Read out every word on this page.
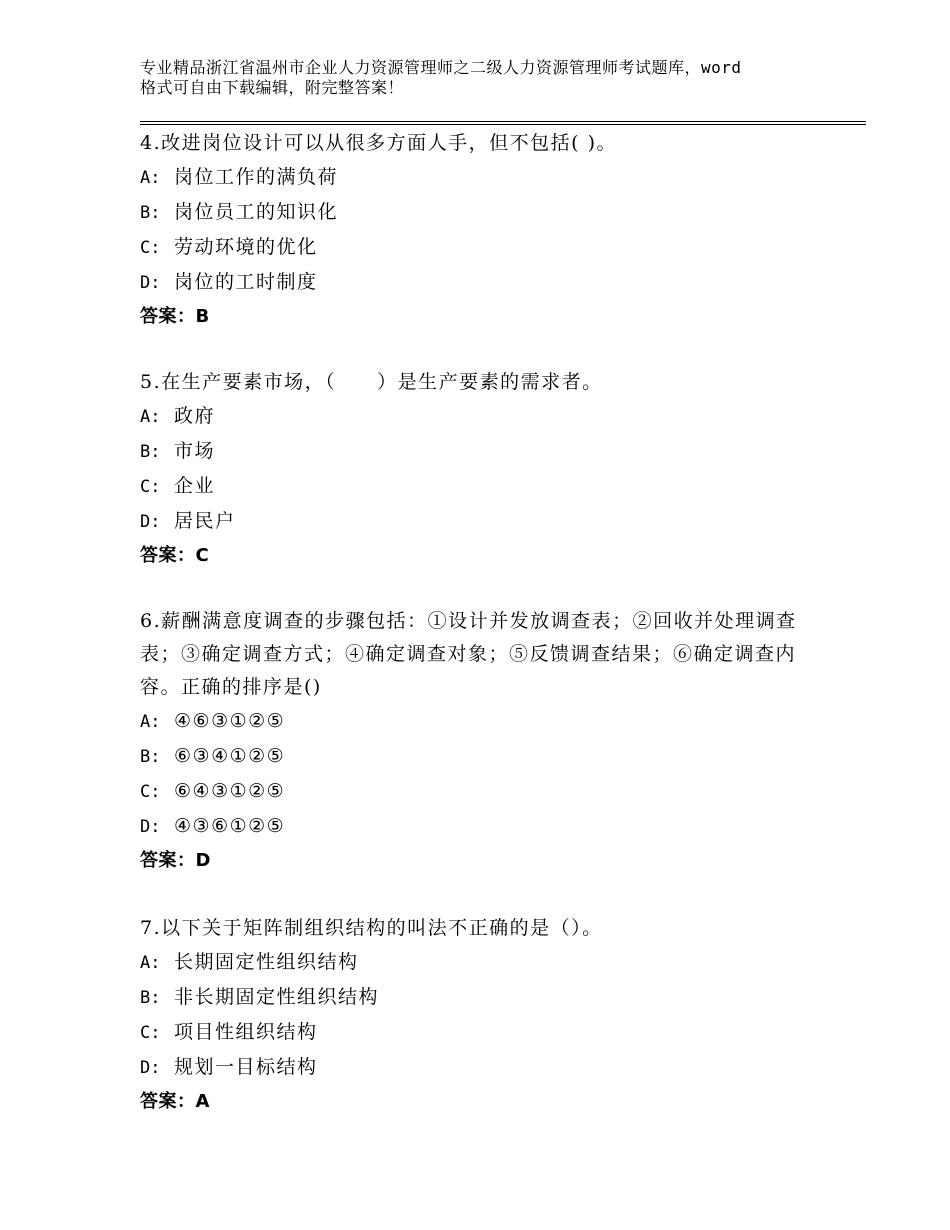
专业精品浙江省温州市企业人力资源管理师之二级人力资源管理师考试题库，word
格式可自由下载编辑，附完整答案！

4.改进岗位设计可以从很多方面人手，但不包括( )。

A: 岗位工作的满负荷
B: 岗位员工的知识化
C: 劳动环境的优化
D: 岗位的工时制度
答案：B

5.在生产要素市场，（　　）是生产要素的需求者。

A: 政府
B: 市场
C: 企业
D: 居民户
答案：C

6.薪酬满意度调查的步骤包括：①设计并发放调查表；②回收并处理调查表；③确定调查方式；④确定调查对象；⑤反馈调查结果；⑥确定调查内容。正确的排序是()

A: ④⑥③①②⑤
B: ⑥③④①②⑤
C: ⑥④③①②⑤
D: ④③⑥①②⑤
答案：D

7.以下关于矩阵制组织结构的叫法不正确的是（）。

A: 长期固定性组织结构
B: 非长期固定性组织结构
C: 项目性组织结构
D: 规划一目标结构
答案：A
